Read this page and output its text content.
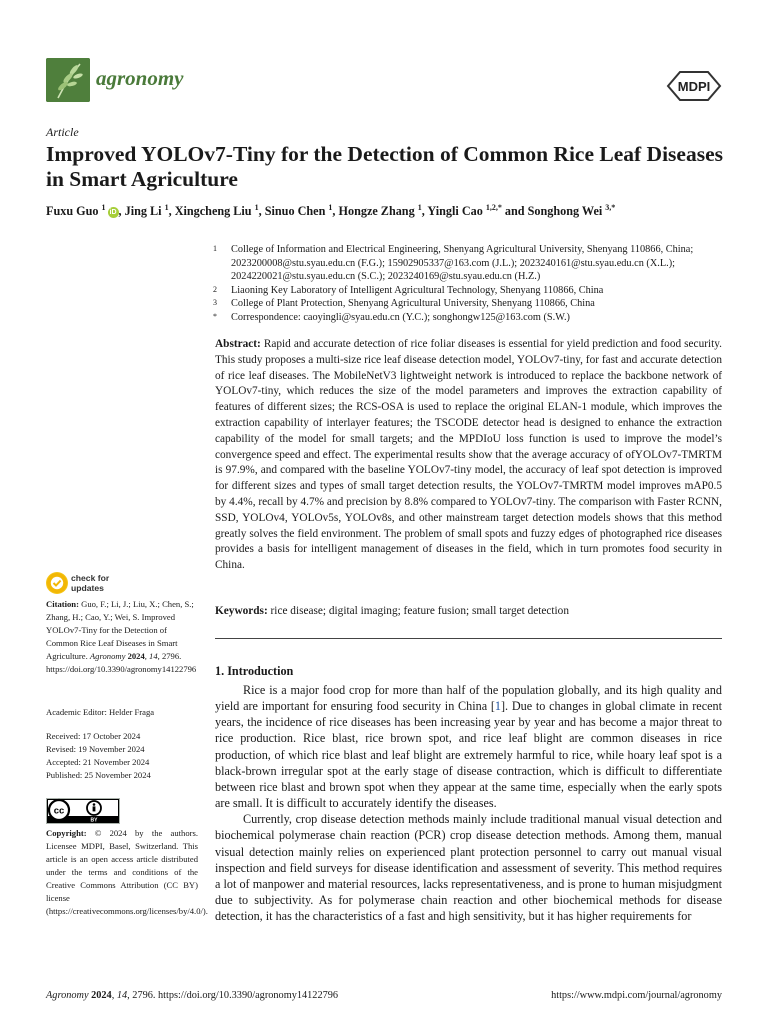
agronomy	MDPI
Article
Improved YOLOv7-Tiny for the Detection of Common Rice Leaf Diseases in Smart Agriculture
Fuxu Guo $^1$iD , Jing Li $^1$, Xingcheng Liu $^1$, Sinuo Chen $^1$, Hongze Zhang $^1$, Yingli Cao $^{1,2,*}$ and Songhong Wei $^{3,*}$
1	College of Information and Electrical Engineering, Shenyang Agricultural University, Shenyang 110866, China; 2023200008@stu.syau.edu.cn (F.G.); 15902905337@163.com (J.L.); 2023240161@stu.syau.edu.cn (X.L.); 2024220021@stu.syau.edu.cn (S.C.); 2023240169@stu.syau.edu.cn (H.Z.)
2	Liaoning Key Laboratory of Intelligent Agricultural Technology, Shenyang 110866, China
3	College of Plant Protection, Shenyang Agricultural University, Shenyang 110866, China
*	Correspondence: caoyingli@syau.edu.cn (Y.C.); songhongw125@163.com (S.W.)
Abstract: Rapid and accurate detection of rice foliar diseases is essential for yield prediction and food security. This study proposes a multi-size rice leaf disease detection model, YOLOv7-tiny, for fast and accurate detection of rice leaf diseases. The MobileNetV3 lightweight network is introduced to replace the backbone network of YOLOv7-tiny, which reduces the size of the model parameters and improves the extraction capability of features of different sizes; the RCS-OSA is used to replace the original ELAN-1 module, which improves the extraction capability of interlayer features; the TSCODE detector head is designed to enhance the extraction capability of the model for small targets; and the MPDIoU loss function is used to improve the model’s convergence speed and effect. The experimental results show that the average accuracy of ofYOLOv7-TMRTM is 97.9%, and compared with the baseline YOLOv7-tiny model, the accuracy of leaf spot detection is improved for different sizes and types of small target detection results, the YOLOv7-TMRTM model improves mAP0.5 by 4.4%, recall by 4.7% and precision by 8.8% compared to YOLOv7-tiny. The comparison with Faster RCNN, SSD, YOLOv4, YOLOv5s, YOLOv8s, and other mainstream target detection models shows that this method greatly solves the field environment. The problem of small spots and fuzzy edges of photographed rice diseases provides a basis for intelligent management of diseases in the field, which in turn promotes food security in China.
Keywords: rice disease; digital imaging; feature fusion; small target detection
1. Introduction

Rice is a major food crop for more than half of the population globally, and its high quality and yield are important for ensuring food security in China [1]. Due to changes in global climate in recent years, the incidence of rice diseases has been increasing year by year and has become a major threat to rice production. Rice blast, rice brown spot, and rice leaf blight are common diseases in rice production, of which rice blast and leaf blight are extremely harmful to rice, while hoary leaf spot is a black-brown irregular spot at the early stage of disease contraction, which is difficult to differentiate between rice blast and brown spot when they appear at the same time, especially when the early spots are small. It is difficult to accurately identify the diseases.

Currently, crop disease detection methods mainly include traditional manual visual detection and biochemical polymerase chain reaction (PCR) crop disease detection methods. Among them, manual visual detection mainly relies on experienced plant protection personnel to carry out manual visual inspection and field surveys for disease identification and assessment of severity. This method requires a lot of manpower and material resources, lacks representativeness, and is prone to human misjudgment due to subjectivity. As for polymerase chain reaction and other biochemical methods for disease detection, it has the characteristics of a fast and high sensitivity, but it has higher requirements for

check for
updates
Citation: Guo, F.; Li, J.; Liu, X.; Chen, S.; Zhang, H.; Cao, Y.; Wei, S. Improved YOLOv7-Tiny for the Detection of Common Rice Leaf Diseases in Smart Agriculture. Agronomy 2024, 14, 2796. https://doi.org/10.3390/agronomy14122796
Academic Editor: Helder Fraga
Received: 17 October 2024
Revised: 19 November 2024
Accepted: 21 November 2024
Published: 25 November 2024
cc
BY
Copyright: © 2024 by the authors. Licensee MDPI, Basel, Switzerland. This article is an open access article distributed under the terms and conditions of the Creative Commons Attribution (CC BY) license (https://creativecommons.org/licenses/by/4.0/).
Agronomy 2024, 14, 2796. https://doi.org/10.3390/agronomy14122796	https://www.mdpi.com/journal/agronomy
